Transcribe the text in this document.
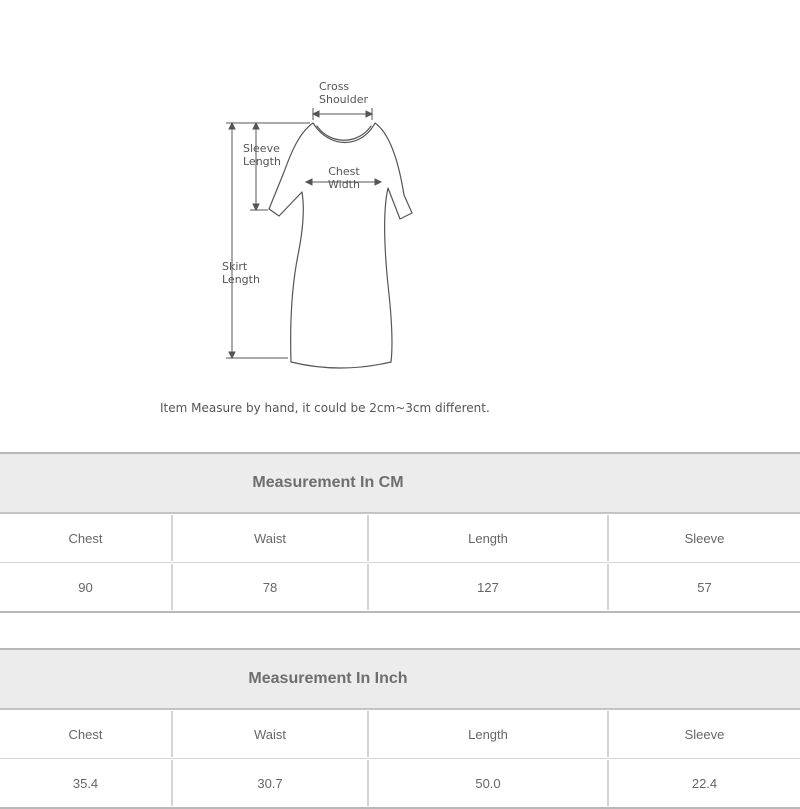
Cross
Shoulder
Sleeve
Length
Chest
Width
Skirt
Length
Item Measure by hand, it could be 2cm~3cm different.
Measurement In CM
Chest	Waist	Length	Sleeve
90	78	127	57
Measurement In Inch
Chest	Waist	Length	Sleeve
35.4	30.7	50.0	22.4
